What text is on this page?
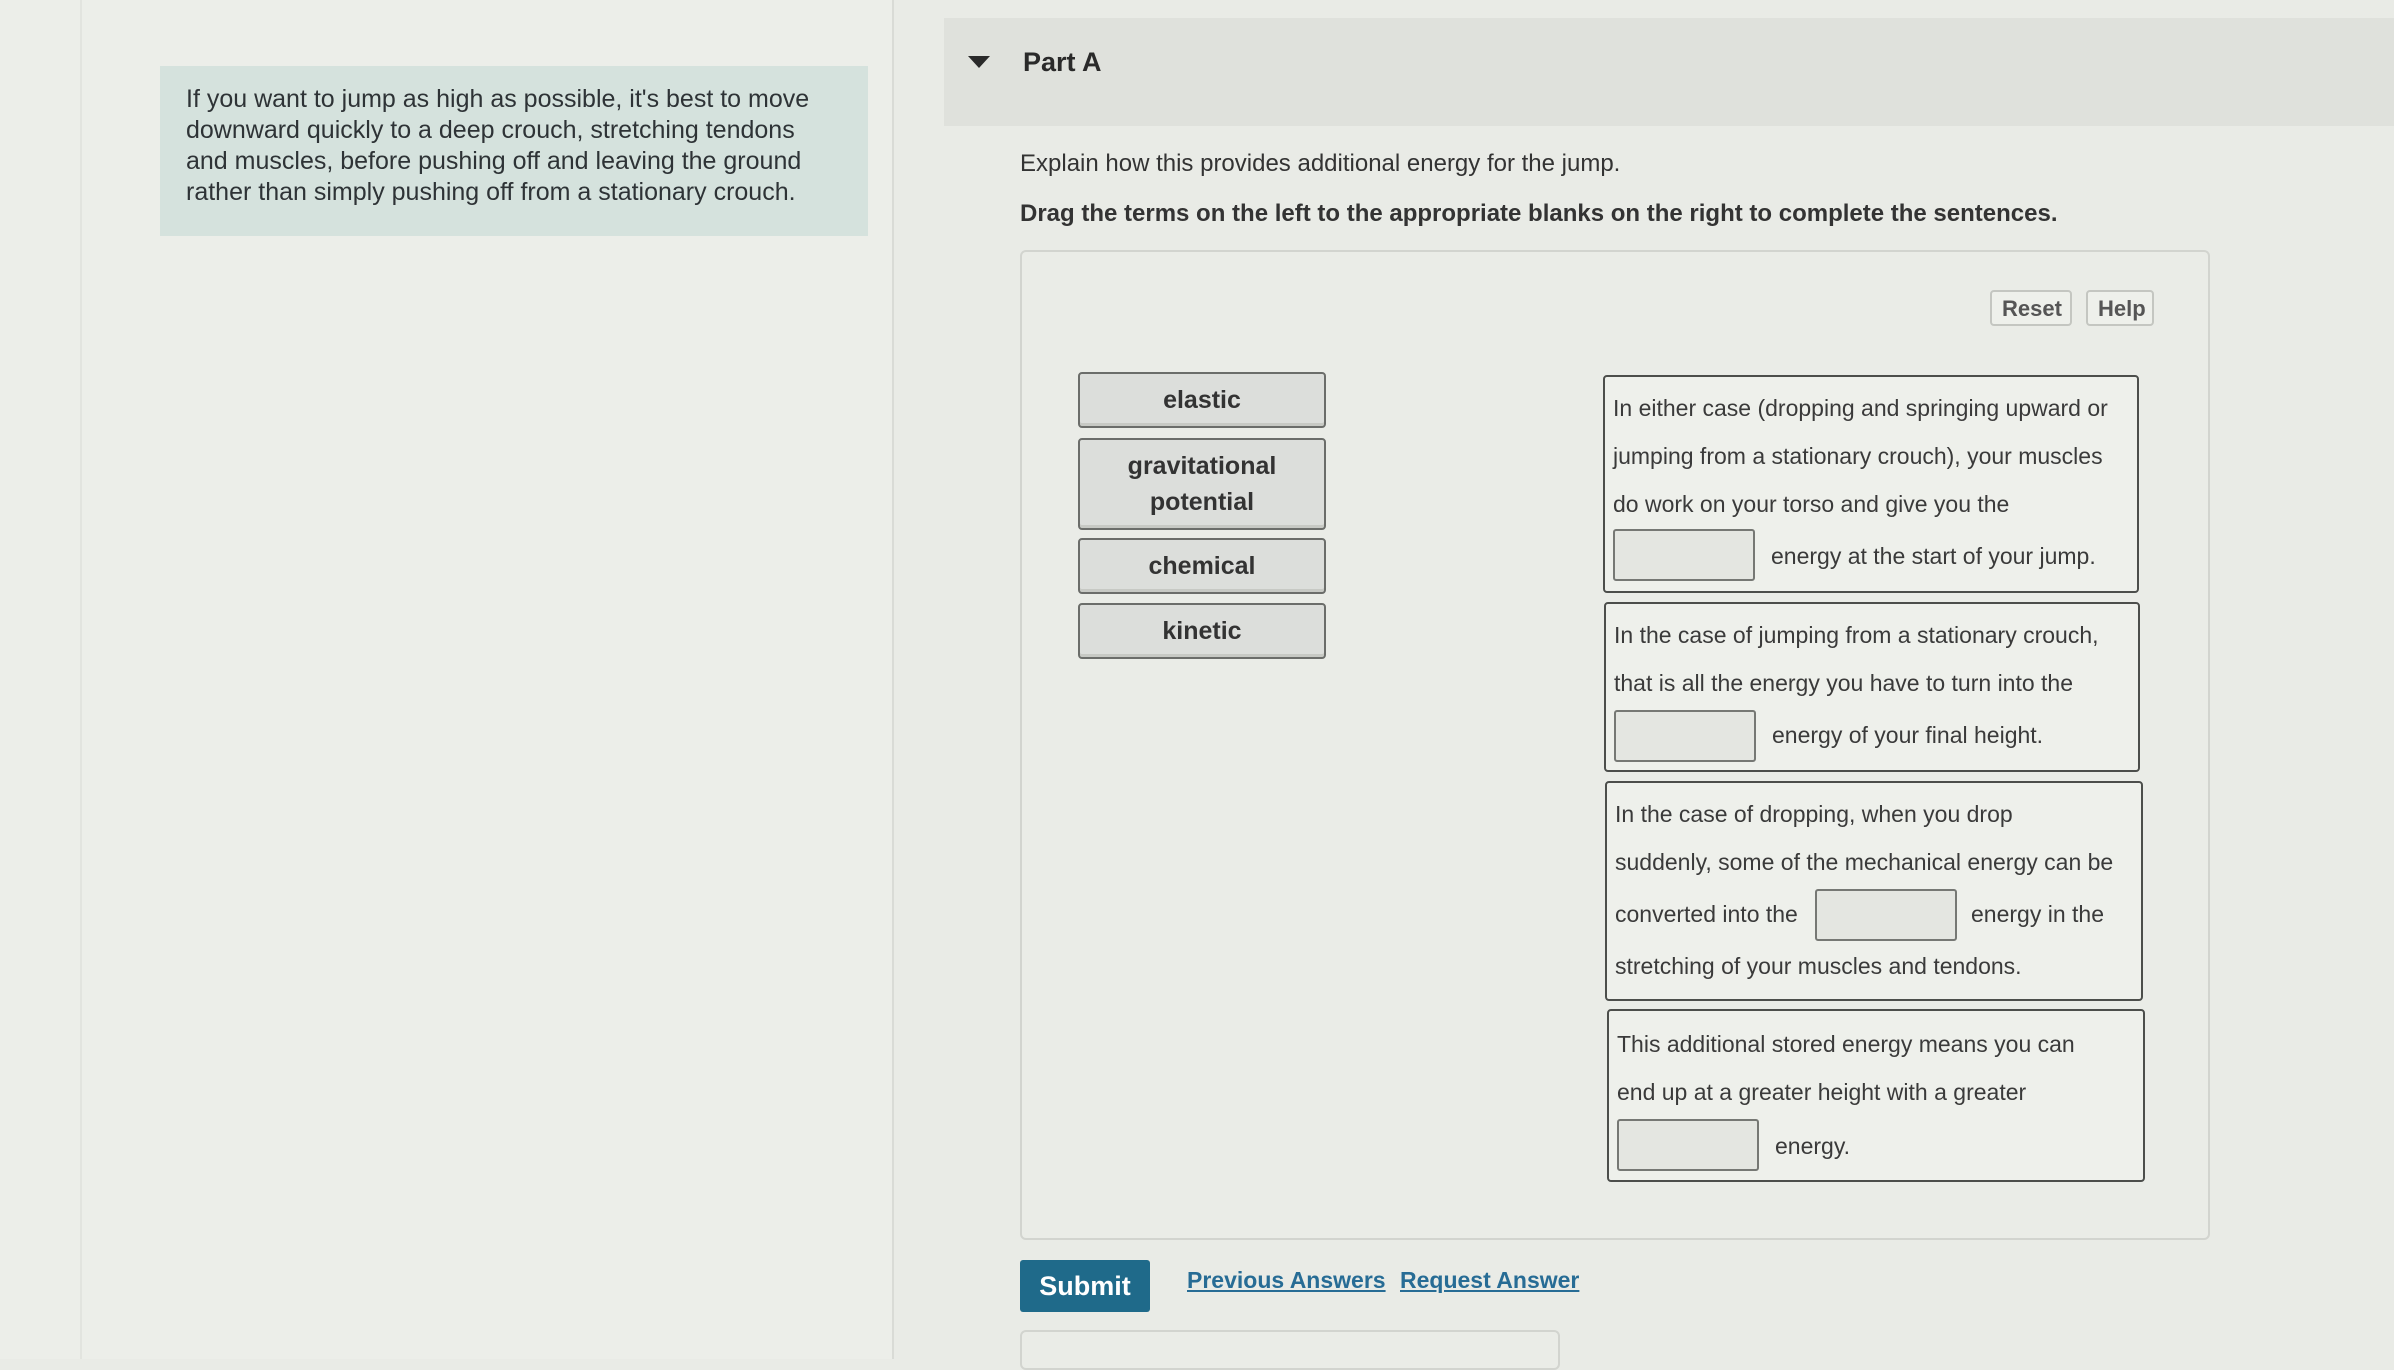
If you want to jump as high as possible, it's best to move
downward quickly to a deep crouch, stretching tendons
and muscles, before pushing off and leaving the ground
rather than simply pushing off from a stationary crouch.
Part A
Explain how this provides additional energy for the jump.
Drag the terms on the left to the appropriate blanks on the right to complete the sentences.
Reset	Help
elastic
gravitational
potential
chemical
kinetic
In either case (dropping and springing upward or
jumping from a stationary crouch), your muscles
do work on your torso and give you the
energy at the start of your jump.
In the case of jumping from a stationary crouch,
that is all the energy you have to turn into the
energy of your final height.
In the case of dropping, when you drop
suddenly, some of the mechanical energy can be
converted into the	energy in the
stretching of your muscles and tendons.
This additional stored energy means you can
end up at a greater height with a greater
energy.
Submit	Previous Answers Request Answer
